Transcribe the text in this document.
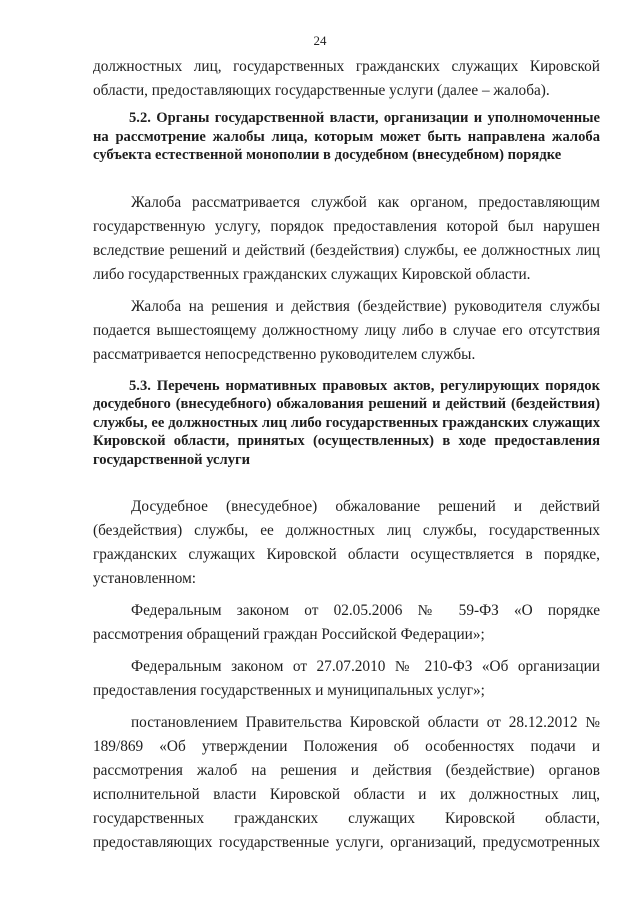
24

должностных лиц, государственных гражданских служащих Кировской области, предоставляющих государственные услуги (далее – жалоба).

5.2. Органы государственной власти, организации и уполномоченные на рассмотрение жалобы лица, которым может быть направлена жалоба субъекта естественной монополии в досудебном (внесудебном) порядке

Жалоба рассматривается службой как органом, предоставляющим государственную услугу, порядок предоставления которой был нарушен вследствие решений и действий (бездействия) службы, ее должностных лиц либо государственных гражданских служащих Кировской области.

Жалоба на решения и действия (бездействие) руководителя службы подается вышестоящему должностному лицу либо в случае его отсутствия рассматривается непосредственно руководителем службы.

5.3. Перечень нормативных правовых актов, регулирующих порядок досудебного (внесудебного) обжалования решений и действий (бездействия) службы, ее должностных лиц либо государственных гражданских служащих Кировской области, принятых (осуществленных) в ходе предоставления государственной услуги

Досудебное (внесудебное) обжалование решений и действий (бездействия) службы, ее должностных лиц службы, государственных гражданских служащих Кировской области осуществляется в порядке, установленном:

Федеральным законом от 02.05.2006 № 59-ФЗ «О порядке рассмотрения обращений граждан Российской Федерации»;

Федеральным законом от 27.07.2010 № 210-ФЗ «Об организации предоставления государственных и муниципальных услуг»;

постановлением Правительства Кировской области от 28.12.2012 № 189/869 «Об утверждении Положения об особенностях подачи и рассмотрения жалоб на решения и действия (бездействие) органов исполнительной власти Кировской области и их должностных лиц, государственных гражданских служащих Кировской области, предоставляющих государственные услуги, организаций, предусмотренных
